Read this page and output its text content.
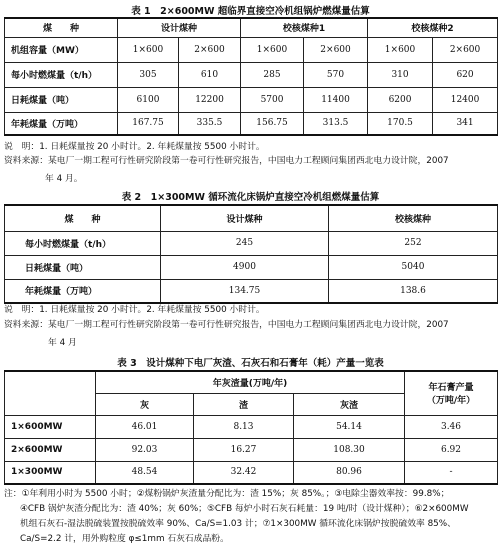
表 1　2×600MW 超临界直接空冷机组锅炉燃煤量估算
煤　　种	设计煤种		校核煤种1		校核煤种2	
机组容量（MW）	1×600	2×600	1×600	2×600	1×600	2×600
每小时燃煤量（t/h）	305	610	285	570	310	620
日耗煤量（吨）	6100	12200	5700	11400	6200	12400
年耗煤量（万吨）	167.75	335.5	156.75	313.5	170.5	341
说　明：1. 日耗煤量按 20 小时计。2. 年耗煤量按 5500 小时计。
资料来源：某电厂一期工程可行性研究阶段第一卷可行性研究报告，中国电力工程顾问集团西北电力设计院，2007
年 4 月。
表 2　1×300MW 循环流化床锅炉直接空冷机组燃煤量估算
煤　　种	设计煤种	校核煤种
每小时燃煤量（t/h）	245	252
日耗煤量（吨）	4900	5040
年耗煤量（万吨）	134.75	138.6
说　明：1. 日耗煤量按 20 小时计。2. 年耗煤量按 5500 小时计。
资料来源：某电厂一期工程可行性研究阶段第一卷可行性研究报告，中国电力工程顾问集团西北电力设计院，2007
年 4 月
表 3　设计煤种下电厂灰渣、石灰石和石膏年（耗）产量一览表
	年灰渣量(万吨/年)			年石膏产量
（万吨/年）

	灰	渣	灰渣	
1×600MW	46.01	8.13	54.14	3.46
2×600MW	92.03	16.27	108.30	6.92
1×300MW	48.54	32.42	80.96	-
注：①年利用小时为 5500 小时；②煤粉锅炉灰渣量分配比为：渣 15%；灰 85%。；③电除尘器效率按：99.8%；
④CFB 锅炉灰渣分配比为：渣 40%；灰 60%；⑤CFB 每炉小时石灰石耗量：19 吨/时（设计煤种）；⑥2×600MW
机组石灰石-湿法脱硫装置按脱硫效率 90%、Ca/S=1.03 计；⑦1×300MW 循环流化床锅炉按脱硫效率 85%、
Ca/S=2.2 计，用外购粒度 φ≤1mm 石灰石成品粉。
